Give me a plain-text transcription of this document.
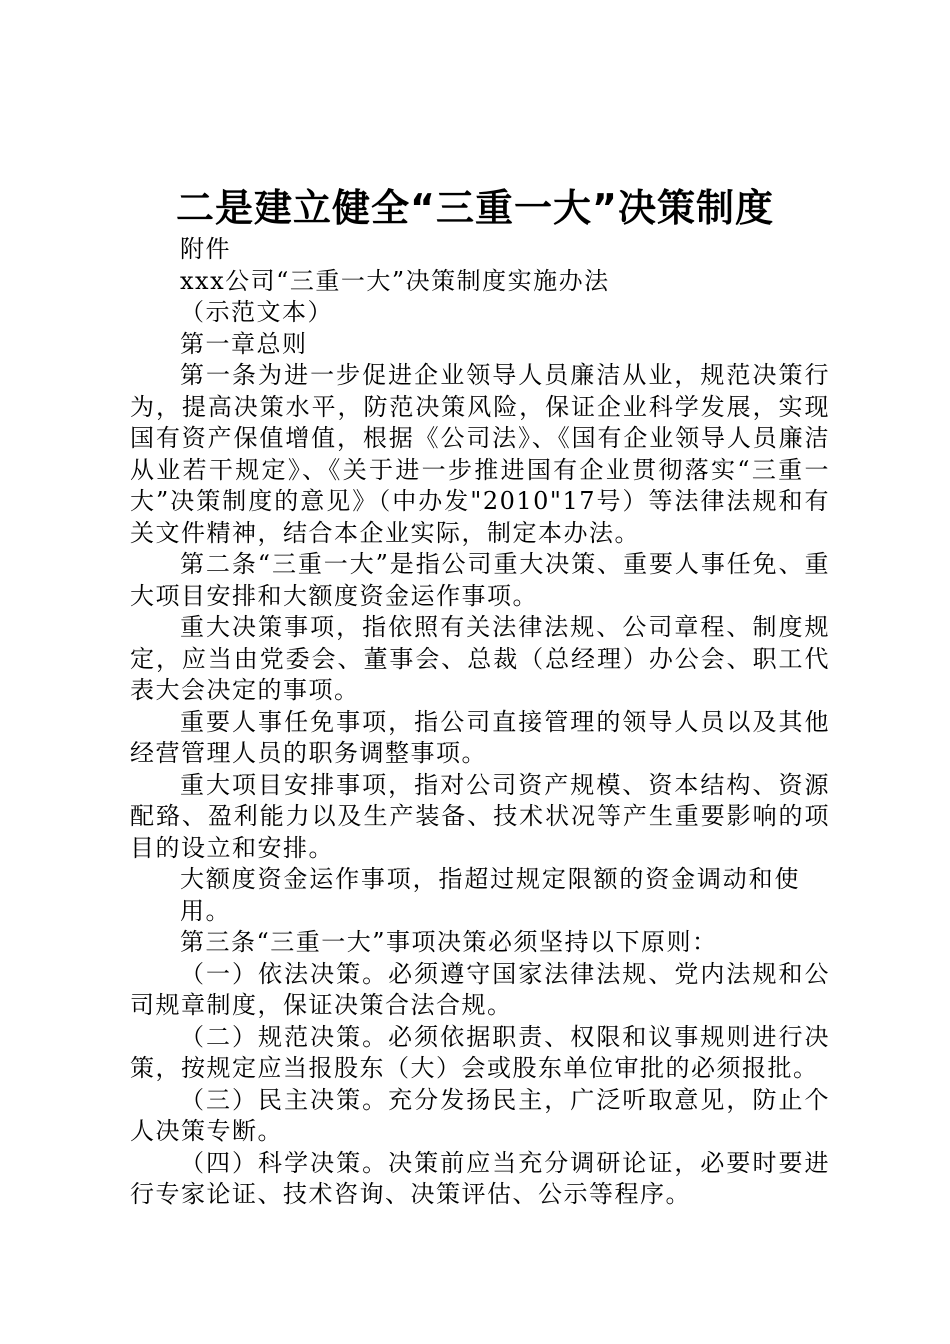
二是建立健全“三重一大”决策制度

附件

xxx公司“三重一大”决策制度实施办法

（示范文本）

第一章总则

第一条为进一步促进企业领导人员廉洁从业，规范决策行为，提高决策水平，防范决策风险，保证企业科学发展，实现国有资产保值增值，根据《公司法》、《国有企业领导人员廉洁从业若干规定》、《关于进一步推进国有企业贯彻落实“三重一大”决策制度的意见》（中办发"2010"17号）等法律法规和有关文件精神，结合本企业实际，制定本办法。

第二条“三重一大”是指公司重大决策、重要人事任免、重大项目安排和大额度资金运作事项。

重大决策事项，指依照有关法律法规、公司章程、制度规定，应当由党委会、董事会、总裁（总经理）办公会、职工代表大会决定的事项。

重要人事任免事项，指公司直接管理的领导人员以及其他经营管理人员的职务调整事项。

重大项目安排事项，指对公司资产规模、资本结构、资源配臵、盈利能力以及生产装备、技术状况等产生重要影响的项目的设立和安排。

大额度资金运作事项，指超过规定限额的资金调动和使用。

第三条“三重一大”事项决策必须坚持以下原则：

（一）依法决策。必须遵守国家法律法规、党内法规和公司规章制度，保证决策合法合规。

（二）规范决策。必须依据职责、权限和议事规则进行决策，按规定应当报股东（大）会或股东单位审批的必须报批。

（三）民主决策。充分发扬民主，广泛听取意见，防止个人决策专断。

（四）科学决策。决策前应当充分调研论证，必要时要进行专家论证、技术咨询、决策评估、公示等程序。
